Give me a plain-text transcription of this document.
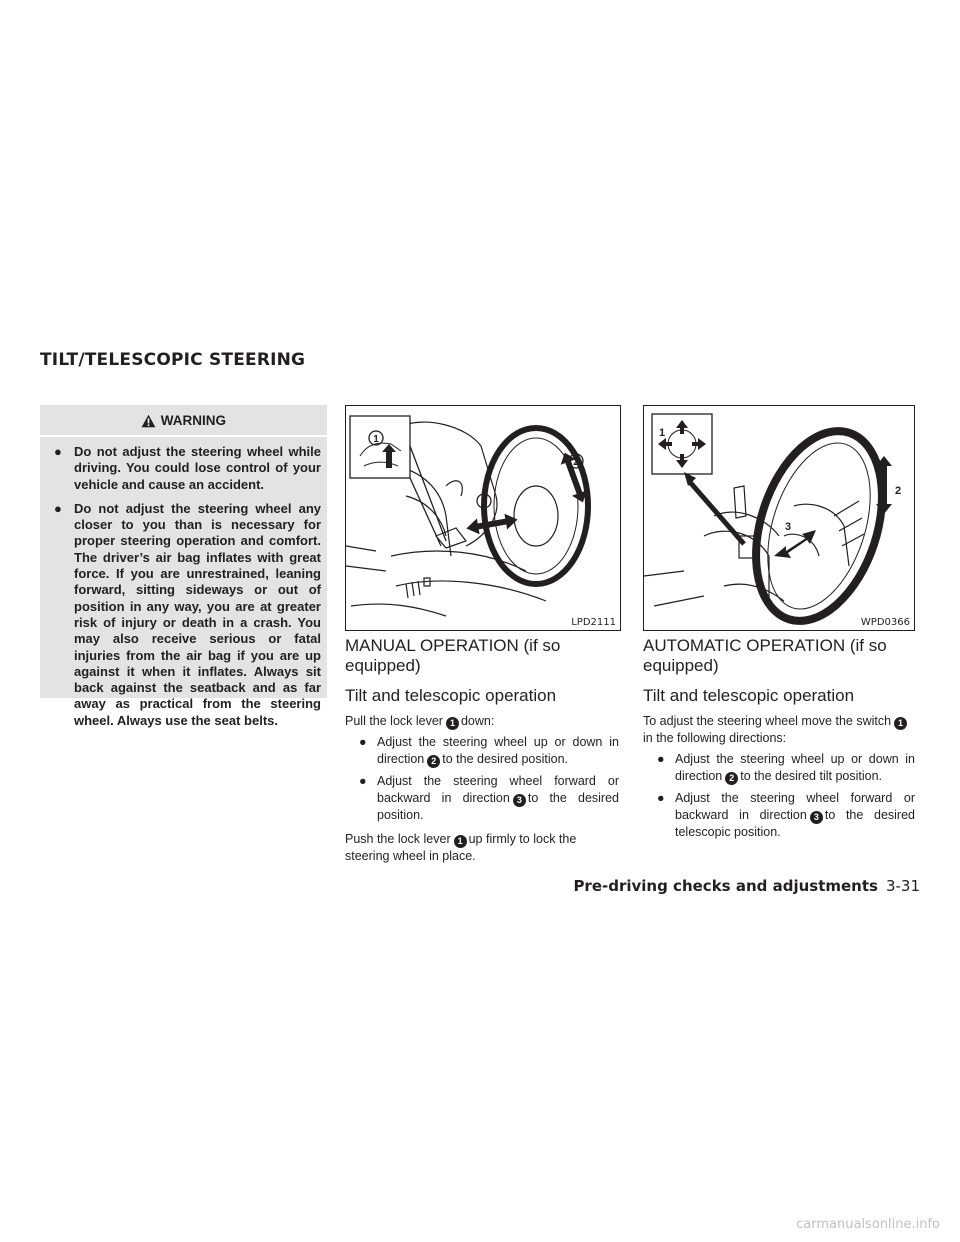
TILT/TELESCOPIC STEERING
WARNING
● Do not adjust the steering wheel while driving. You could lose control of your vehicle and cause an accident.
● Do not adjust the steering wheel any closer to you than is necessary for proper steering operation and comfort. The driver’s air bag inflates with great force. If you are unrestrained, leaning forward, sitting sideways or out of position in any way, you are at greater risk of injury or death in a crash. You may also receive serious or fatal injuries from the air bag if you are up against it when it inflates. Always sit back against the seatback and as far away as practical from the steering wheel. Always use the seat belts.
1
2
3
LPD2111
1
2
3
WPD0366
MANUAL OPERATION (if so equipped)
Tilt and telescopic operation

Pull the lock lever 1 down:

● Adjust the steering wheel up or down in direction 2 to the desired position.
● Adjust the steering wheel forward or backward in direction 3 to the desired position.

Push the lock lever 1 up firmly to lock the steering wheel in place.

AUTOMATIC OPERATION (if so equipped)
Tilt and telescopic operation

To adjust the steering wheel move the switch 1in the following directions:

● Adjust the steering wheel up or down in direction 2 to the desired tilt position.
● Adjust the steering wheel forward or backward in direction 3 to the desired telescopic position.
Pre-driving checks and adjustments 3-31
carmanualsonline.info
